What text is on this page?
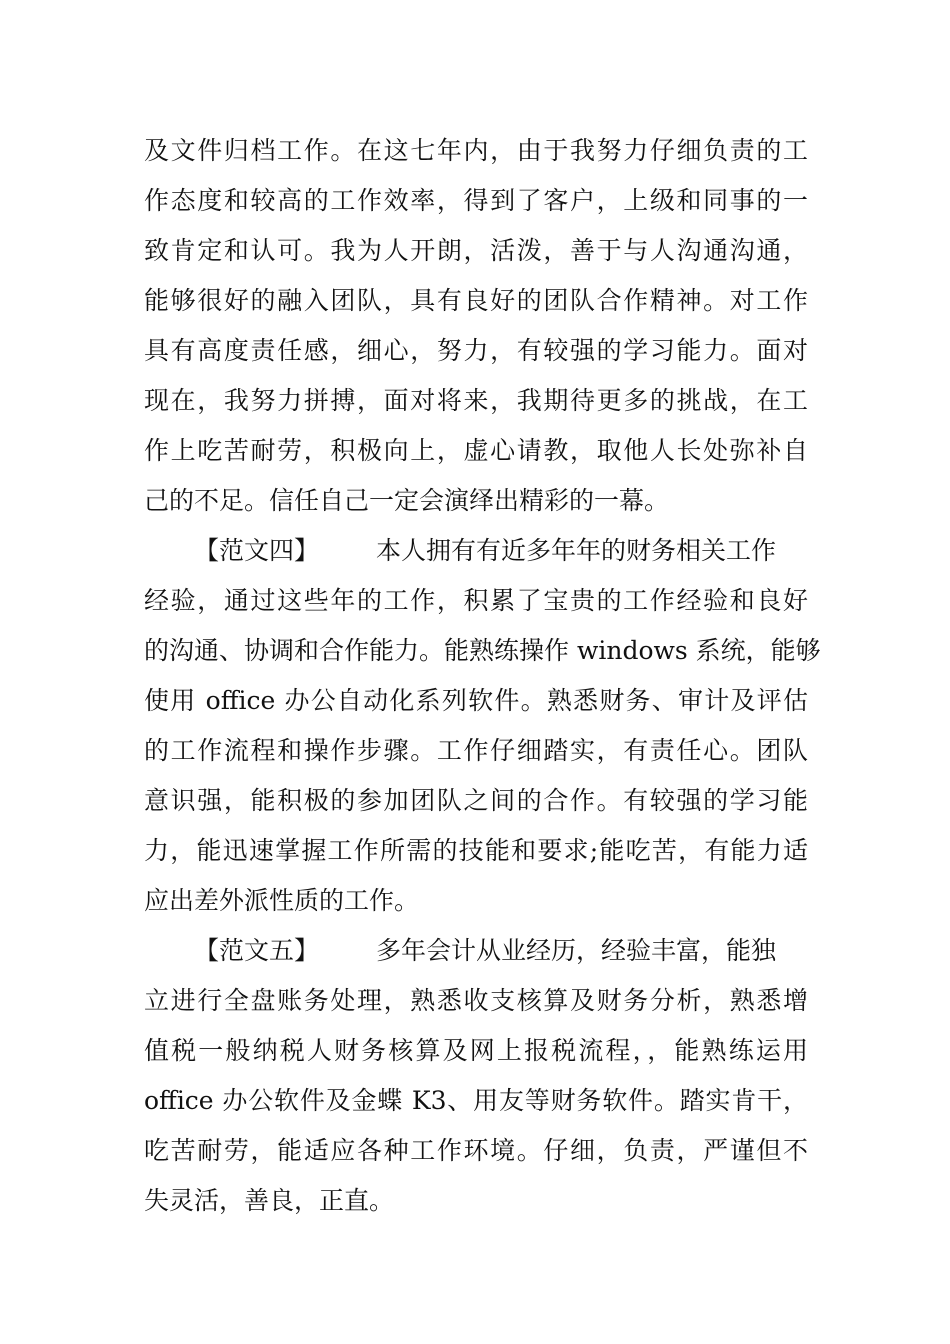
及文件归档工作。在这七年内，由于我努力仔细负责的工
作态度和较高的工作效率，得到了客户，上级和同事的一
致肯定和认可。我为人开朗，活泼，善于与人沟通沟通，
能够很好的融入团队，具有良好的团队合作精神。对工作
具有高度责任感，细心，努力，有较强的学习能力。面对
现在，我努力拼搏，面对将来，我期待更多的挑战，在工
作上吃苦耐劳，积极向上，虚心请教，取他人长处弥补自
己的不足。信任自己一定会演绎出精彩的一幕。
【范文四】 本人拥有有近多年年的财务相关工作
经验，通过这些年的工作，积累了宝贵的工作经验和良好
的沟通、协调和合作能力。能熟练操作 windows 系统，能够
使用 office 办公自动化系列软件。熟悉财务、审计及评估
的工作流程和操作步骤。工作仔细踏实，有责任心。团队
意识强，能积极的参加团队之间的合作。有较强的学习能
力，能迅速掌握工作所需的技能和要求;能吃苦，有能力适
应出差外派性质的工作。
【范文五】 多年会计从业经历，经验丰富，能独
立进行全盘账务处理，熟悉收支核算及财务分析，熟悉增
值税一般纳税人财务核算及网上报税流程，，能熟练运用
office 办公软件及金蝶 K3、用友等财务软件。踏实肯干，
吃苦耐劳，能适应各种工作环境。仔细，负责，严谨但不
失灵活，善良，正直。
